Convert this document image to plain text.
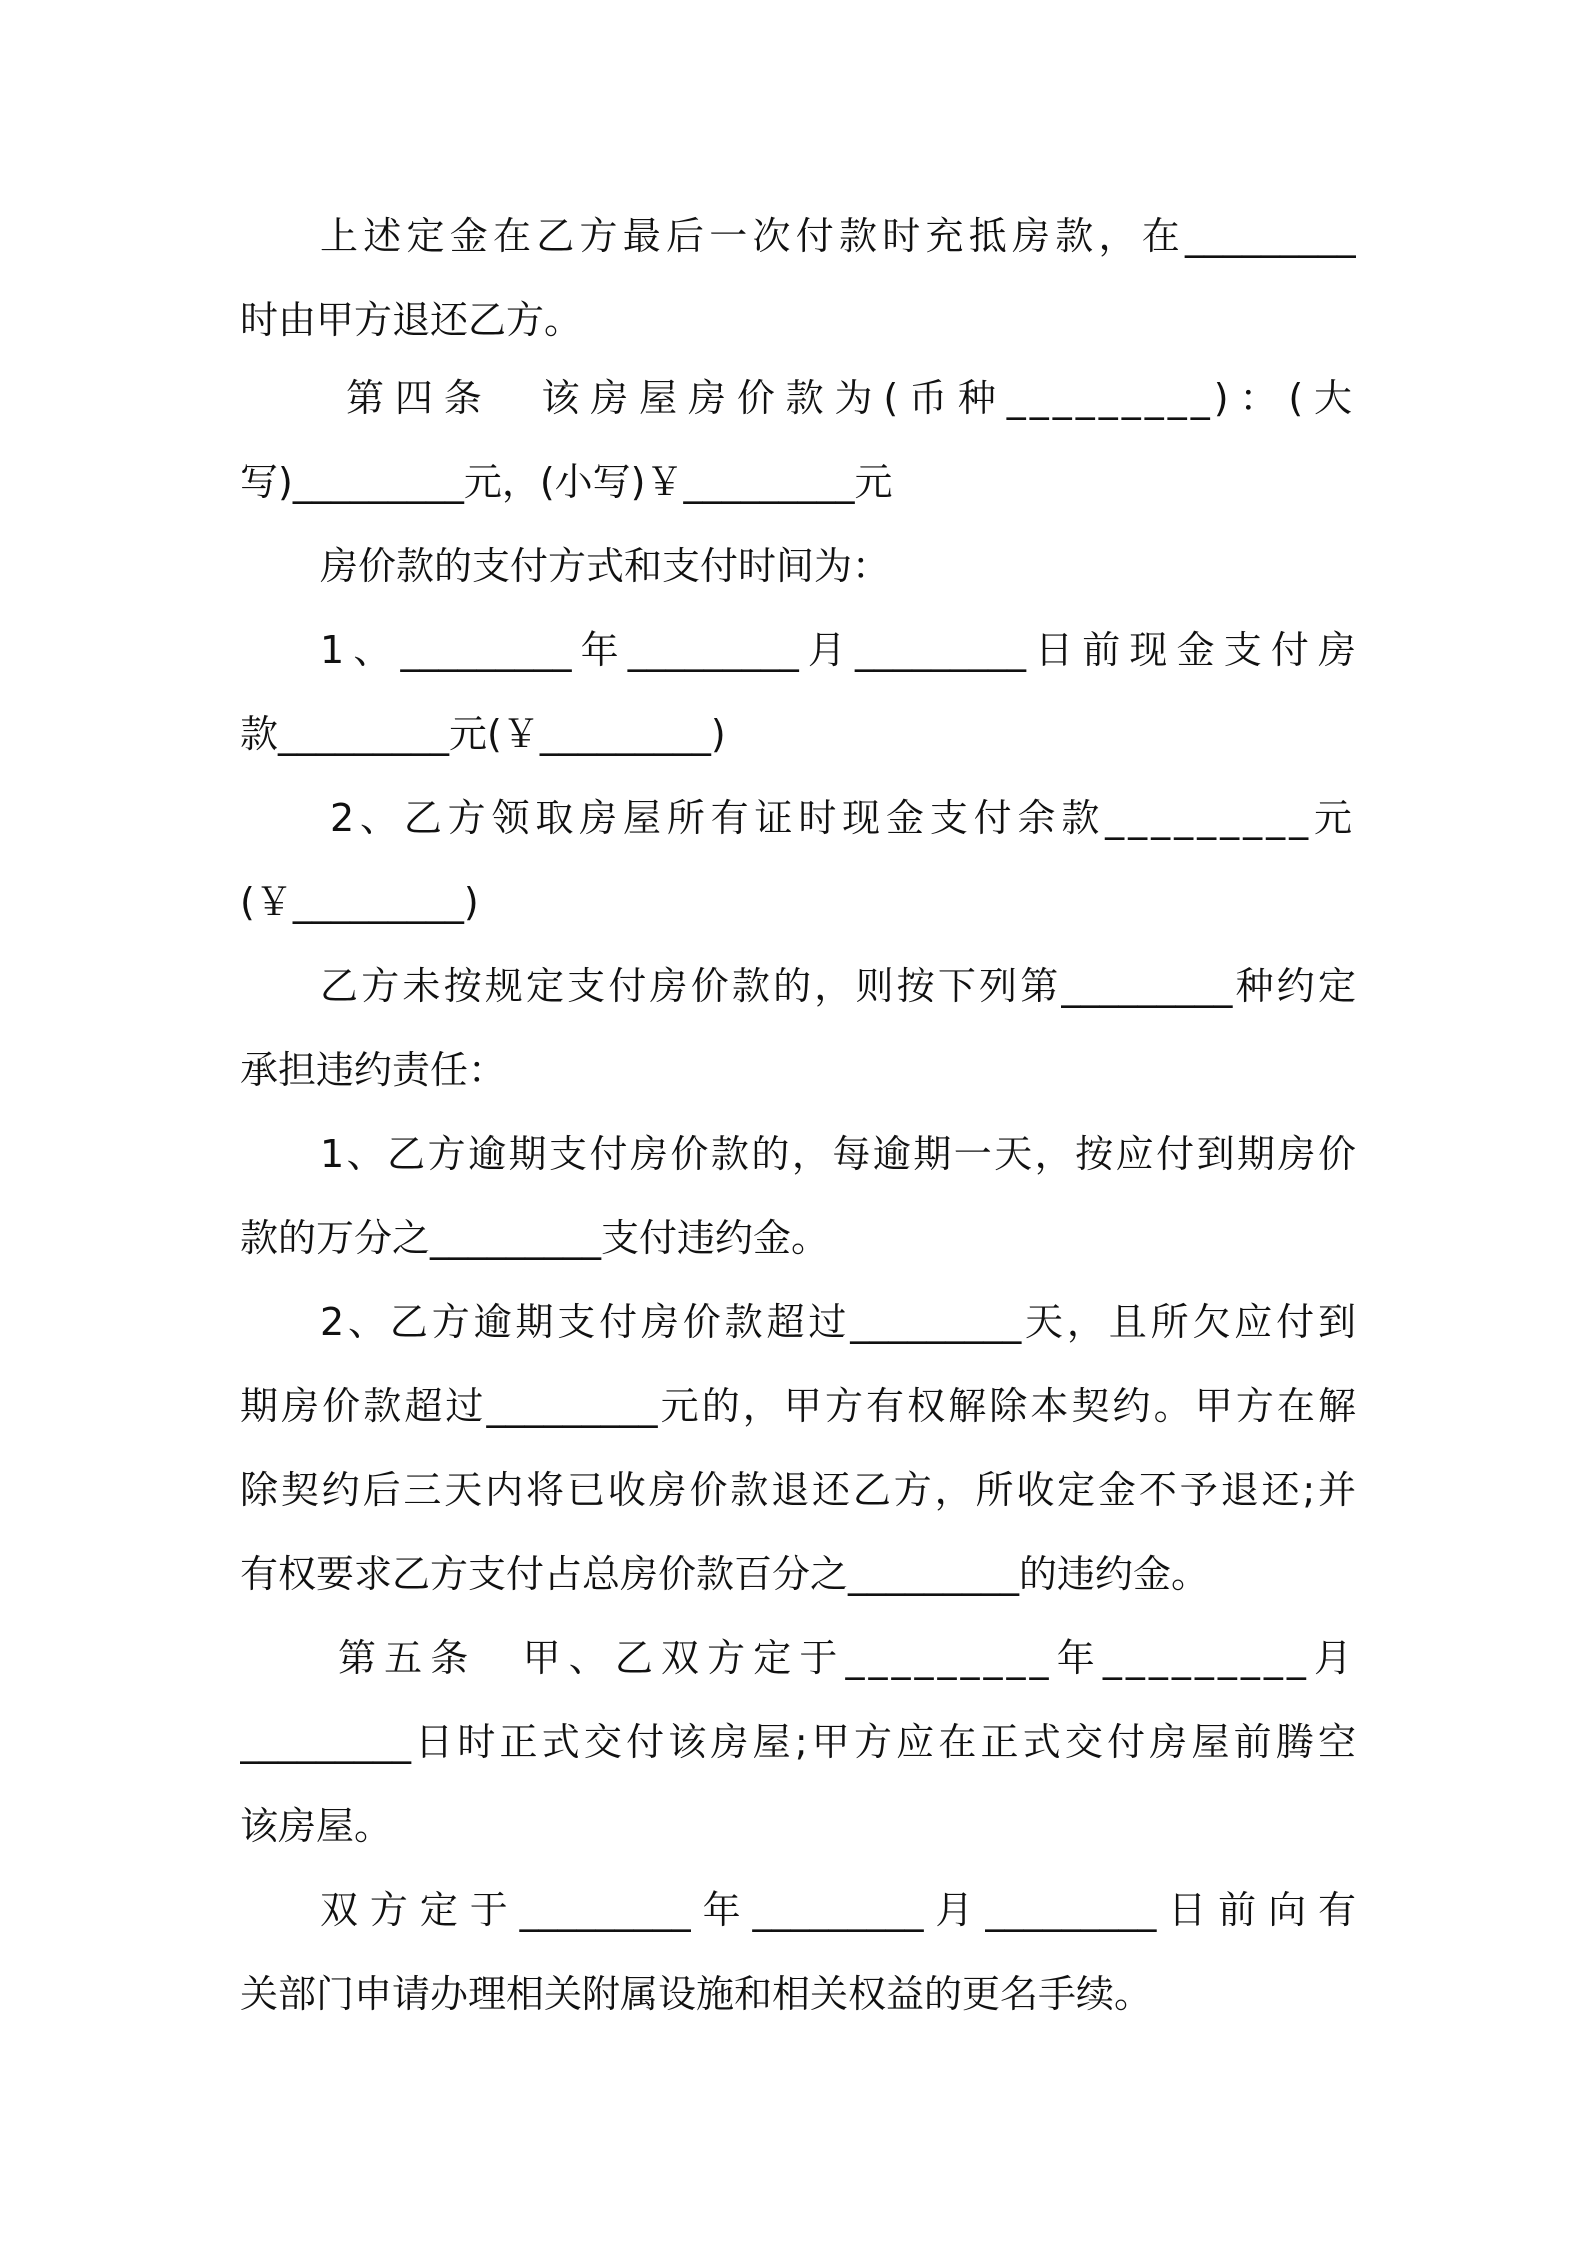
上述定金在乙方最后一次付款时充抵房款，在_________
时由甲方退还乙方。
第四条　该房屋房价款为(币种_________)：(大
写)_________元，(小写)￥_________元
房价款的支付方式和支付时间为：
1、_________年_________月_________日前现金支付房
款_________元(￥_________)
2、乙方领取房屋所有证时现金支付余款_________元
(￥_________)
乙方未按规定支付房价款的，则按下列第_________种约定
承担违约责任：
1、乙方逾期支付房价款的，每逾期一天，按应付到期房价
款的万分之_________支付违约金。
2、乙方逾期支付房价款超过_________天，且所欠应付到
期房价款超过_________元的，甲方有权解除本契约。甲方在解
除契约后三天内将已收房价款退还乙方，所收定金不予退还;并
有权要求乙方支付占总房价款百分之_________的违约金。
第五条　甲、乙双方定于_________年_________月
_________日时正式交付该房屋;甲方应在正式交付房屋前腾空
该房屋。
双方定于_________年_________月_________日前向有
关部门申请办理相关附属设施和相关权益的更名手续。
